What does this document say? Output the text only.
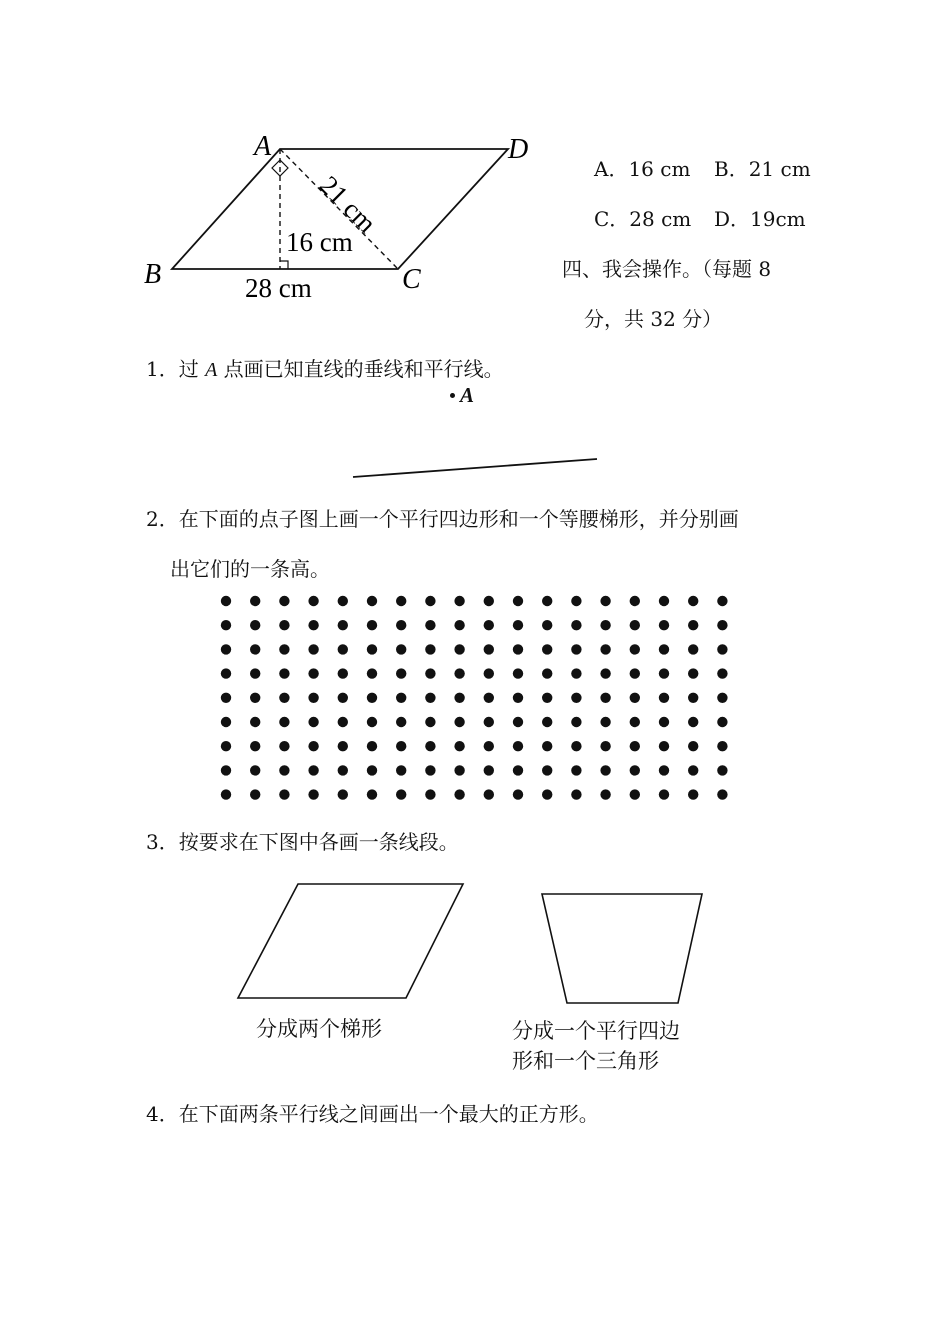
A	D
B	C
21 cm
16 cm
28 cm
A．16 cm B．21 cm
C．28 cm D．19cm
四、我会操作。（每题 8
分，共 32 分）
1．过 A 点画已知直线的垂线和平行线。
A
2．在下面的点子图上画一个平行四边形和一个等腰梯形，并分别画
出它们的一条高。
3．按要求在下图中各画一条线段。
分成两个梯形	分成一个平行四边
形和一个三角形
4．在下面两条平行线之间画出一个最大的正方形。
